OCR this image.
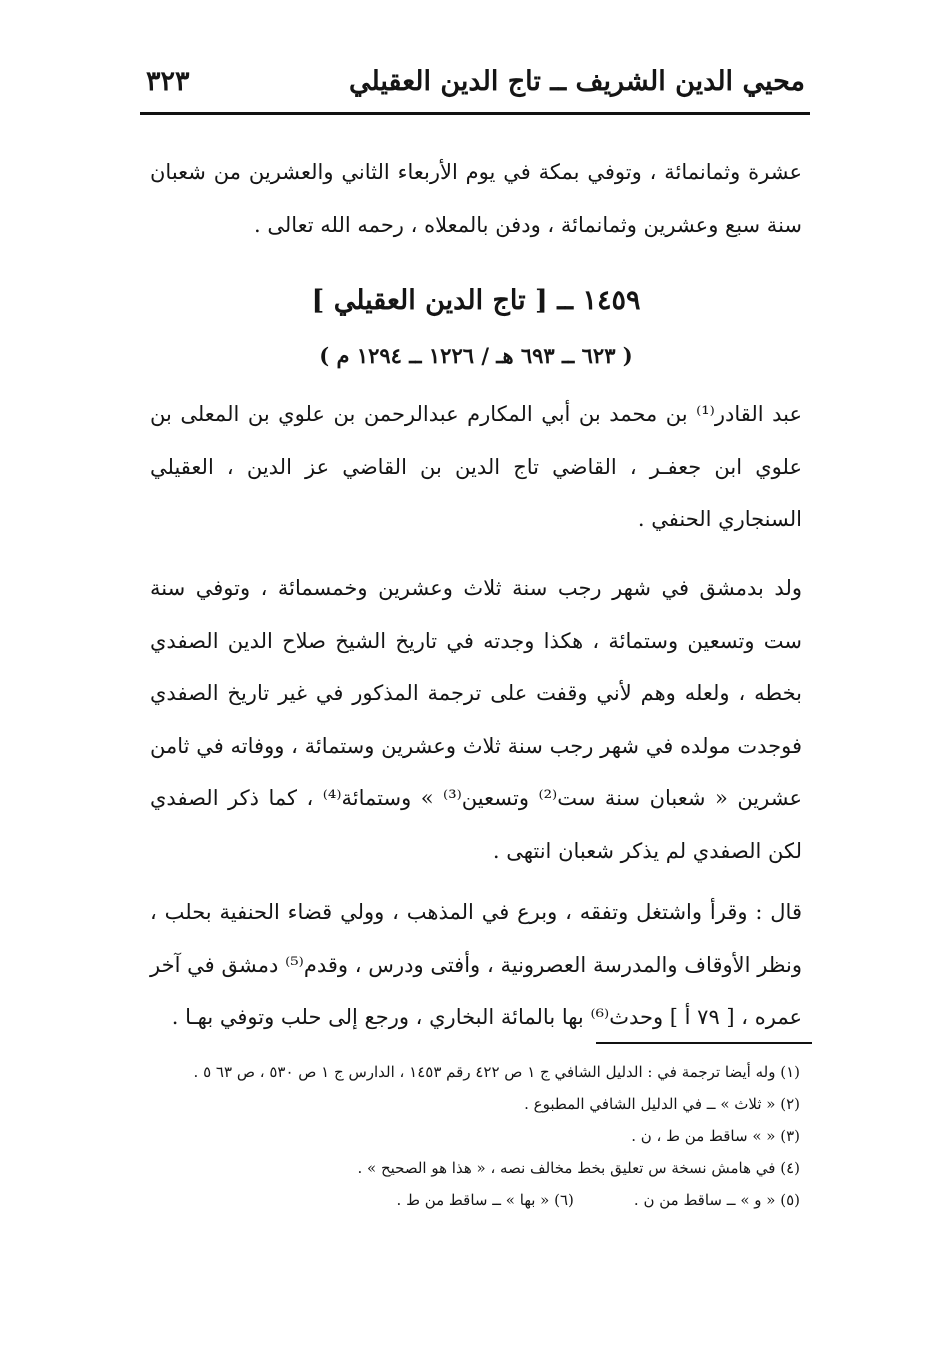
محيي الدين الشريف ــ تاج الدين العقيلي
٣٢٣
عشرة وثمانمائة ، وتوفي بمكة في يوم الأربعاء الثاني والعشرين من شعبان سنة سبع وعشرين وثمانمائة ، ودفن بالمعلاه ، رحمه الله تعالى .
١٤٥٩ ــ [ تاج الدين العقيلي ]
( ٦٢٣ ــ ٦٩٣ هـ / ١٢٢٦ ــ ١٢٩٤ م )
عبد القادر⁽¹⁾ بن محمد بن أبي المكارم عبدالرحمن بن علوي بن المعلى بن علوي ابن جعفـر ، القاضي تاج الدين بن القاضي عز الدين ، العقيلي السنجاري الحنفي .
ولد بدمشق في شهر رجب سنة ثلاث وعشرين وخمسمائة ، وتوفي سنة ست وتسعين وستمائة ، هكذا وجدته في تاريخ الشيخ صلاح الدين الصفدي بخطه ، ولعله وهم لأني وقفت على ترجمة المذكور في غير تاريخ الصفدي فوجدت مولده في شهر رجب سنة ثلاث وعشرين وستمائة ، ووفاته في ثامن عشرين « شعبان سنة ست⁽²⁾ وتسعين⁽³⁾ » وستمائة⁽⁴⁾ ، كما ذكر الصفدي لكن الصفدي لم يذكر شعبان انتهى .
قال : وقرأ واشتغل وتفقه ، وبرع في المذهب ، وولي قضاء الحنفية بحلب ، ونظر الأوقاف والمدرسة العصرونية ، وأفتى ودرس ، وقدم⁽⁵⁾ دمشق في آخر عمره ، [ ٧٩ أ ] وحدث⁽⁶⁾ بها بالمائة البخاري ، ورجع إلى حلب وتوفي بهـا .
(١) وله أيضا ترجمة في : الدليل الشافي ج ١ ص ٤٢٢ رقم ١٤٥٣ ، الدارس ج ١ ص ٥٣٠ ، ص ٦٣ ٥ .
(٢) « ثلاث » ــ في الدليل الشافي المطبوع .
(٣) « » ساقط من ط ، ن .
(٤) في هامش نسخة س تعليق بخط مخالف نصه ، « هذا هو الصحيح » .
(٥) « و » ــ ساقط من ن .
(٦) « بها » ــ ساقط من ط .
